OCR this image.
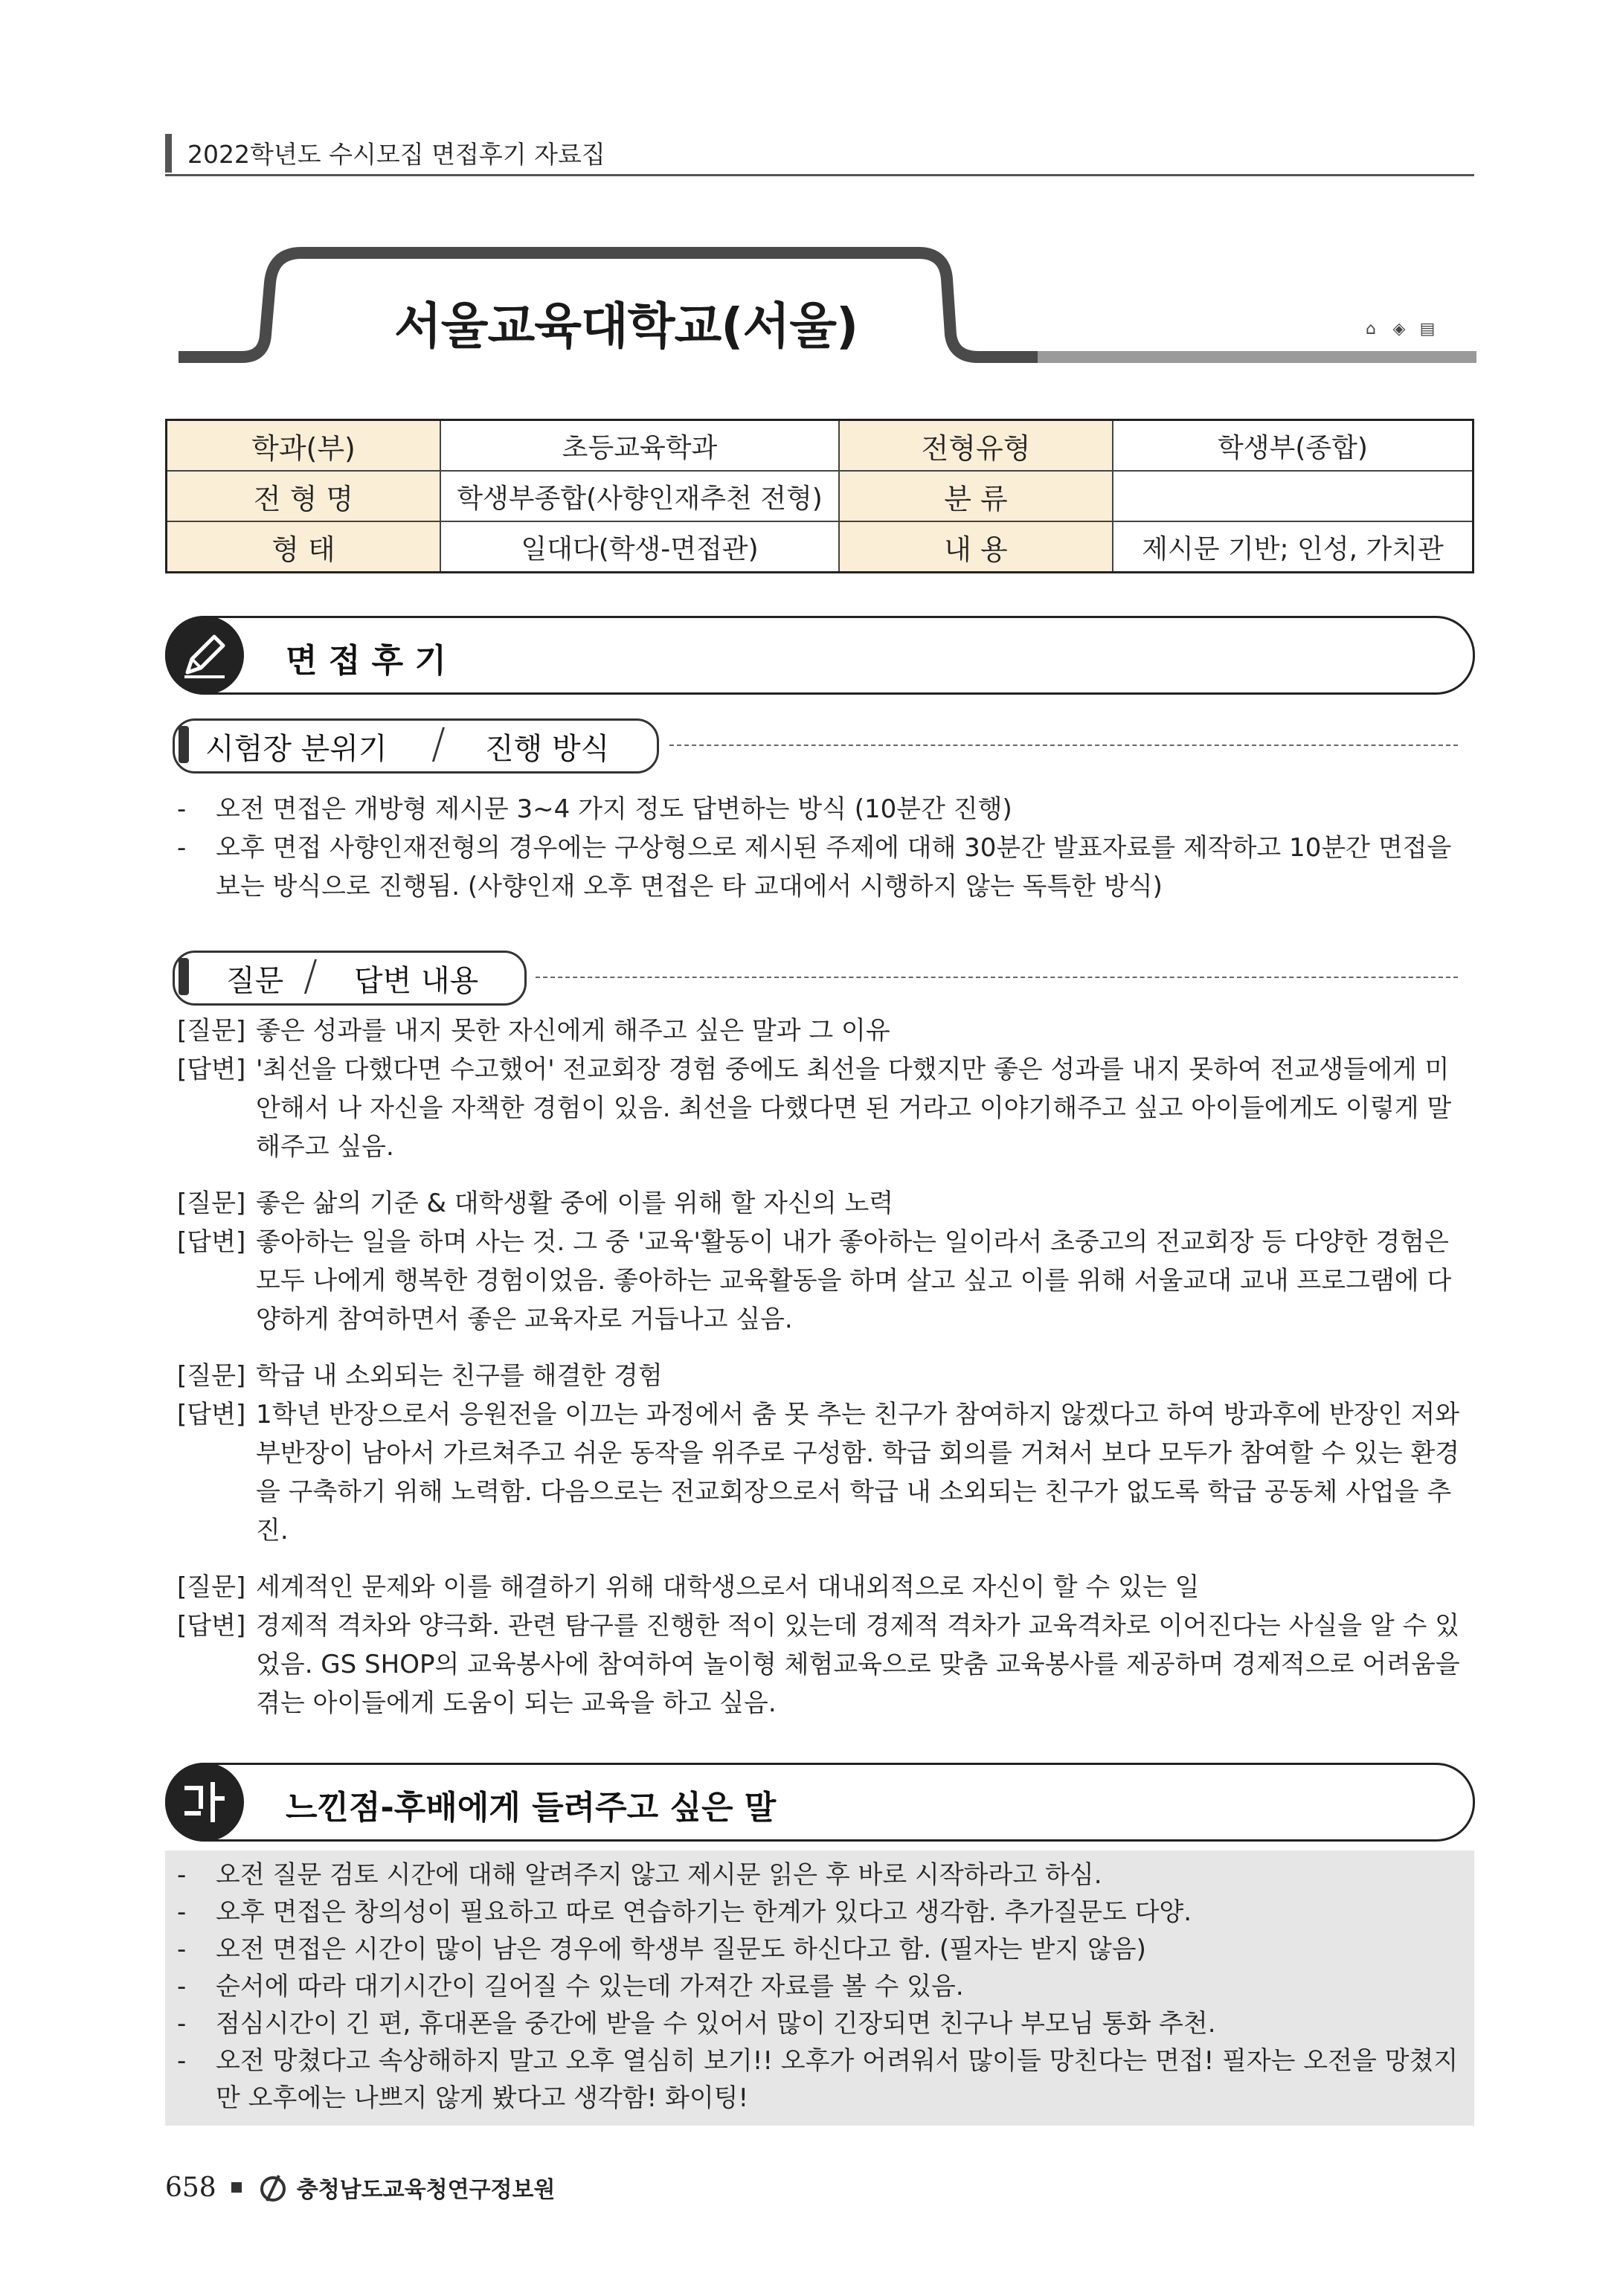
2022학년도 수시모집 면접후기 자료집
서울교육대학교(서울)	⌂ ◈ ▤
학과(부)	초등교육학과	전형유형	학생부(종합)
전 형 명	학생부종합(사향인재추천 전형)	분 류	
형 태	일대다(학생-면접관)	내 용	제시문 기반; 인성, 가치관
면 접 후 기
시험장 분위기 / 진행 방식
- 오전 면접은 개방형 제시문 3~4 가지 정도 답변하는 방식 (10분간 진행)
- 오후 면접 사향인재전형의 경우에는 구상형으로 제시된 주제에 대해 30분간 발표자료를 제작하고 10분간 면접을 보는 방식으로 진행됨. (사향인재 오후 면접은 타 교대에서 시행하지 않는 독특한 방식)
질문 / 답변 내용
[질문] 좋은 성과를 내지 못한 자신에게 해주고 싶은 말과 그 이유
[답변] '최선을 다했다면 수고했어' 전교회장 경험 중에도 최선을 다했지만 좋은 성과를 내지 못하여 전교생들에게 미안해서 나 자신을 자책한 경험이 있음. 최선을 다했다면 된 거라고 이야기해주고 싶고 아이들에게도 이렇게 말해주고 싶음.
[질문] 좋은 삶의 기준 & 대학생활 중에 이를 위해 할 자신의 노력
[답변] 좋아하는 일을 하며 사는 것. 그 중 '교육'활동이 내가 좋아하는 일이라서 초중고의 전교회장 등 다양한 경험은 모두 나에게 행복한 경험이었음. 좋아하는 교육활동을 하며 살고 싶고 이를 위해 서울교대 교내 프로그램에 다양하게 참여하면서 좋은 교육자로 거듭나고 싶음.
[질문] 학급 내 소외되는 친구를 해결한 경험
[답변] 1학년 반장으로서 응원전을 이끄는 과정에서 춤 못 추는 친구가 참여하지 않겠다고 하여 방과후에 반장인 저와 부반장이 남아서 가르쳐주고 쉬운 동작을 위주로 구성함. 학급 회의를 거쳐서 보다 모두가 참여할 수 있는 환경을 구축하기 위해 노력함. 다음으로는 전교회장으로서 학급 내 소외되는 친구가 없도록 학급 공동체 사업을 추진.
[질문] 세계적인 문제와 이를 해결하기 위해 대학생으로서 대내외적으로 자신이 할 수 있는 일
[답변] 경제적 격차와 양극화. 관련 탐구를 진행한 적이 있는데 경제적 격차가 교육격차로 이어진다는 사실을 알 수 있었음. GS SHOP의 교육봉사에 참여하여 놀이형 체험교육으로 맞춤 교육봉사를 제공하며 경제적으로 어려움을 겪는 아이들에게 도움이 되는 교육을 하고 싶음.
느낀점-후배에게 들려주고 싶은 말
- 오전 질문 검토 시간에 대해 알려주지 않고 제시문 읽은 후 바로 시작하라고 하심.
- 오후 면접은 창의성이 필요하고 따로 연습하기는 한계가 있다고 생각함. 추가질문도 다양.
- 오전 면접은 시간이 많이 남은 경우에 학생부 질문도 하신다고 함. (필자는 받지 않음)
- 순서에 따라 대기시간이 길어질 수 있는데 가져간 자료를 볼 수 있음.
- 점심시간이 긴 편, 휴대폰을 중간에 받을 수 있어서 많이 긴장되면 친구나 부모님 통화 추천.
- 오전 망쳤다고 속상해하지 말고 오후 열심히 보기!! 오후가 어려워서 많이들 망친다는 면접! 필자는 오전을 망쳤지만 오후에는 나쁘지 않게 봤다고 생각함! 화이팅!
658	충청남도교육청연구정보원
